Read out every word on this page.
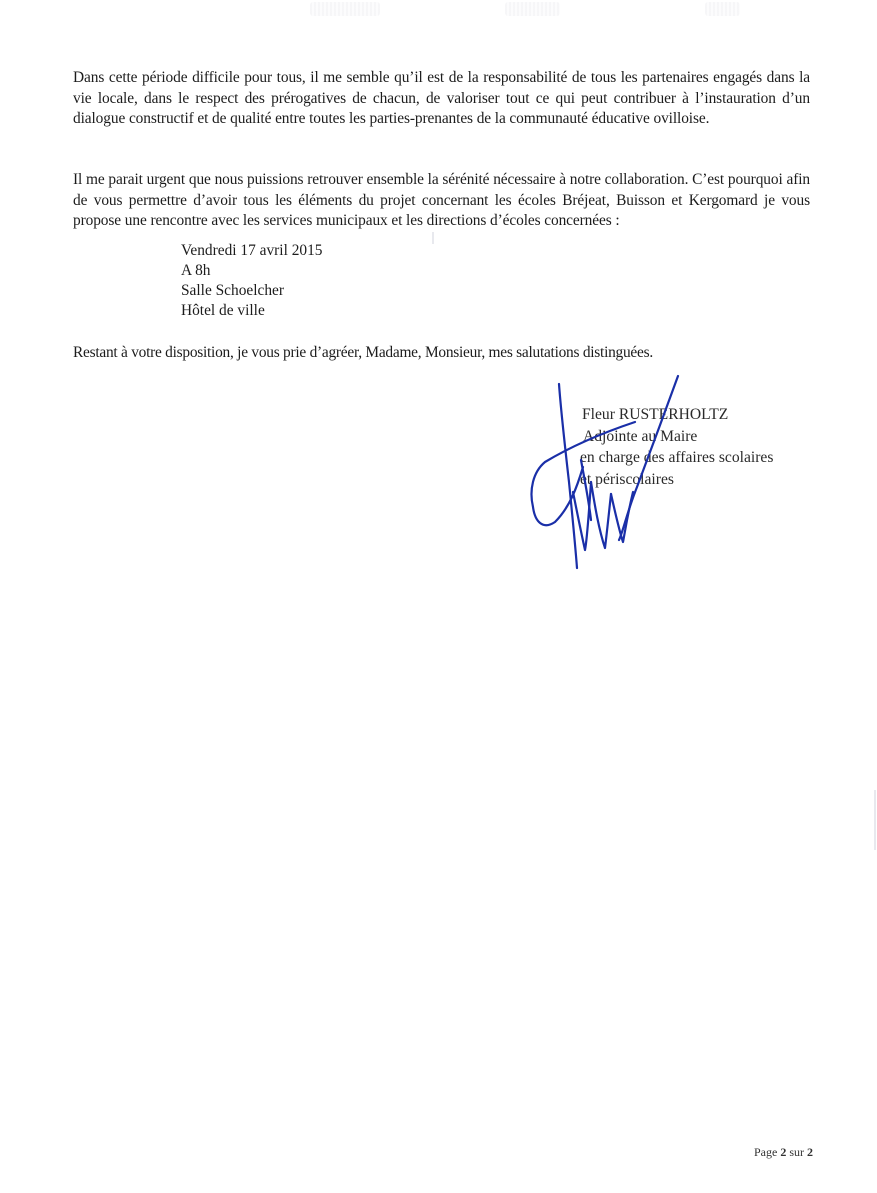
Dans cette période difficile pour tous, il me semble qu’il est de la responsabilité de tous les partenaires engagés dans la vie locale, dans le respect des prérogatives de chacun, de valoriser tout ce qui peut contribuer à l’instauration d’un dialogue constructif et de qualité entre toutes les parties-prenantes de la communauté éducative ovilloise.

Il me parait urgent que nous puissions retrouver ensemble la sérénité nécessaire à notre collaboration. C’est pourquoi afin de vous permettre d’avoir tous les éléments du projet concernant les écoles Bréjeat, Buisson et Kergomard je vous propose une rencontre avec les services municipaux et les directions d’écoles concernées :

Vendredi 17 avril 2015
A 8h
Salle Schoelcher
Hôtel de ville

Restant à votre disposition, je vous prie d’agréer, Madame, Monsieur, mes salutations distinguées.

Fleur RUSTERHOLTZ
Adjointe au Maire
en charge des affaires scolaires
et périscolaires
Page 2 sur 2
